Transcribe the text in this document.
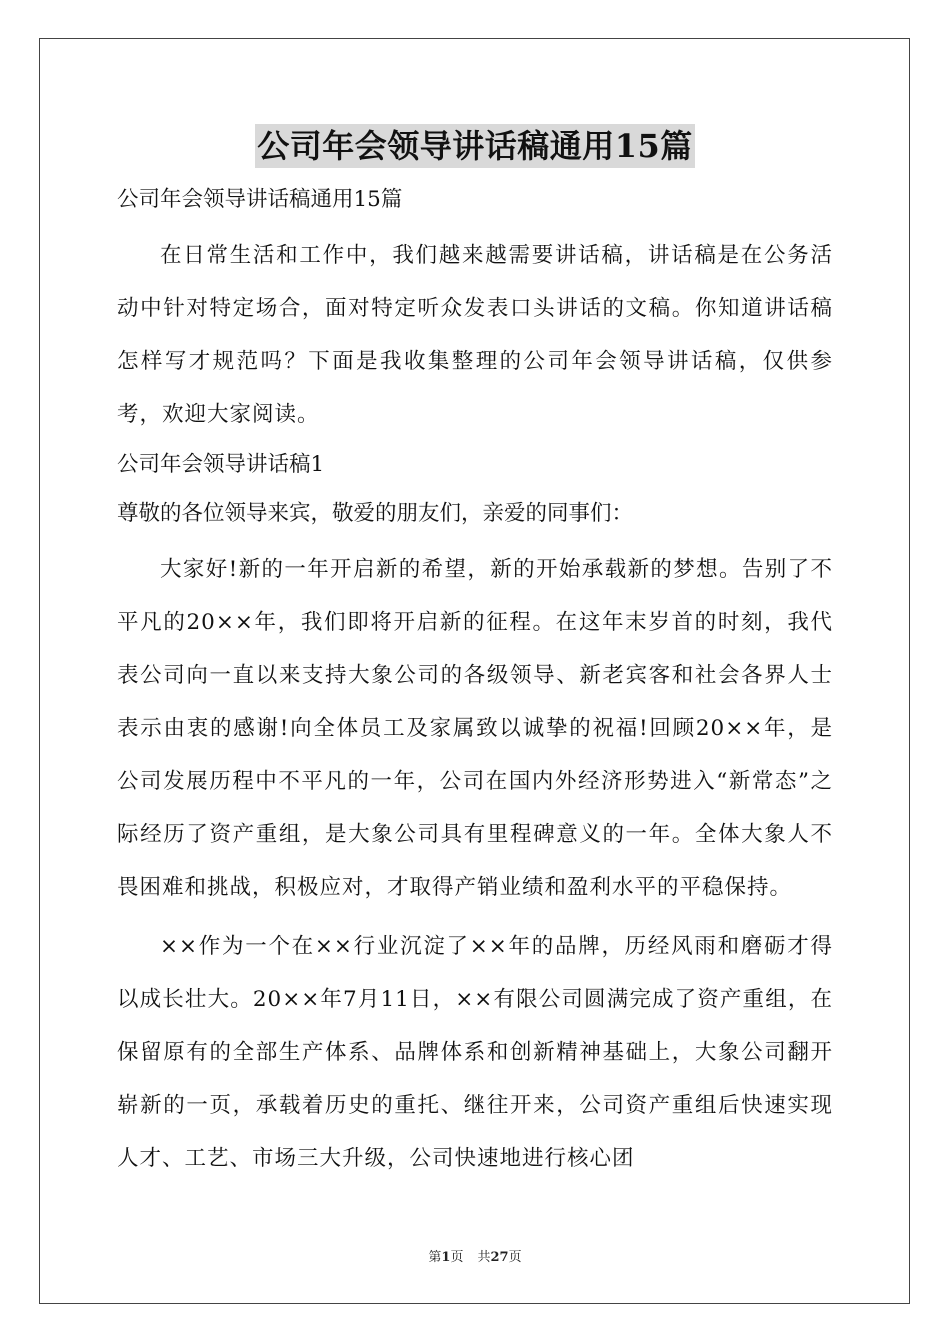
公司年会领导讲话稿通用15篇

公司年会领导讲话稿通用15篇

在日常生活和工作中，我们越来越需要讲话稿，讲话稿是在公务活动中针对特定场合，面对特定听众发表口头讲话的文稿。你知道讲话稿怎样写才规范吗？下面是我收集整理的公司年会领导讲话稿，仅供参考，欢迎大家阅读。

公司年会领导讲话稿1

尊敬的各位领导来宾，敬爱的朋友们，亲爱的同事们：

大家好!新的一年开启新的希望，新的开始承载新的梦想。告别了不平凡的20××年，我们即将开启新的征程。在这年末岁首的时刻，我代表公司向一直以来支持大象公司的各级领导、新老宾客和社会各界人士表示由衷的感谢!向全体员工及家属致以诚挚的祝福!回顾20××年，是公司发展历程中不平凡的一年，公司在国内外经济形势进入“新常态”之际经历了资产重组，是大象公司具有里程碑意义的一年。全体大象人不畏困难和挑战，积极应对，才取得产销业绩和盈利水平的平稳保持。

××作为一个在××行业沉淀了××年的品牌，历经风雨和磨砺才得以成长壮大。20××年7月11日，××有限公司圆满完成了资产重组，在保留原有的全部生产体系、品牌体系和创新精神基础上，大象公司翻开崭新的一页，承载着历史的重托、继往开来，公司资产重组后快速实现人才、工艺、市场三大升级，公司快速地进行核心团

第1页 共27页
